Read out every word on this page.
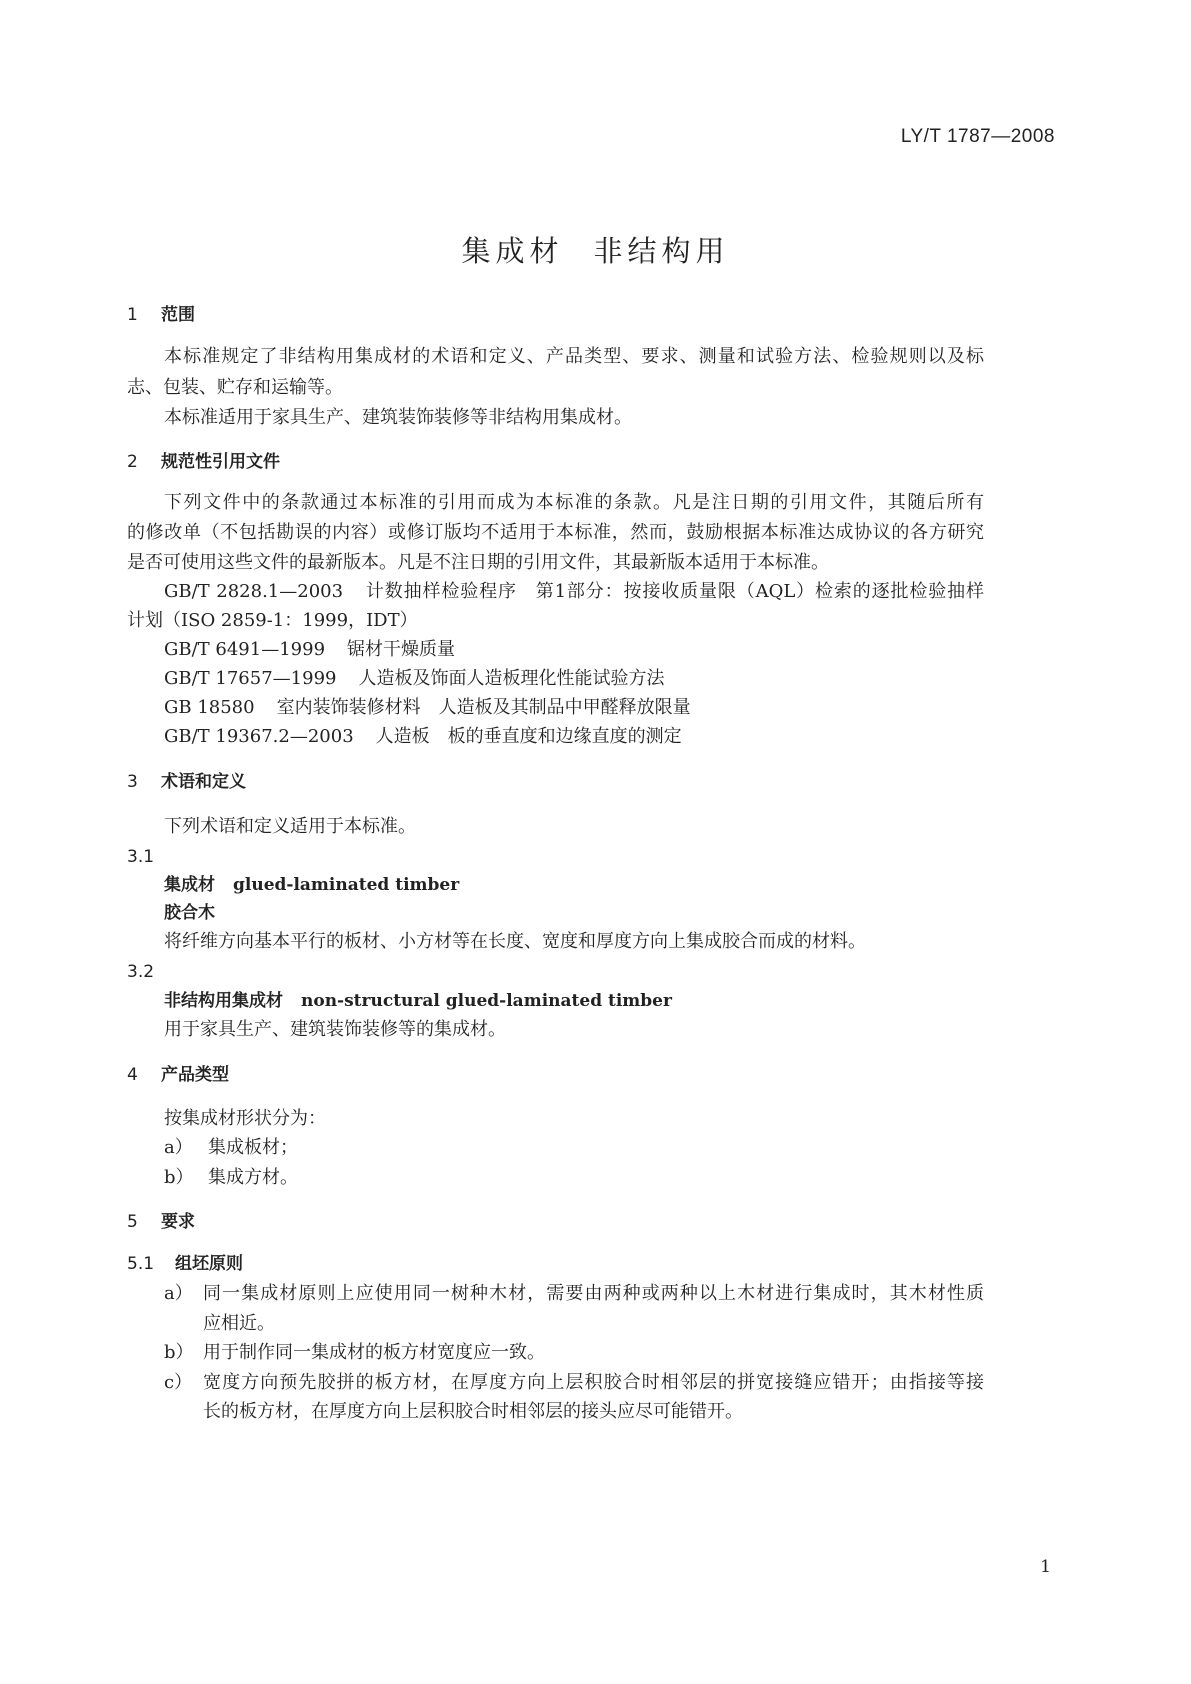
LY/T 1787—2008
集成材 非结构用
1 范围
本标准规定了非结构用集成材的术语和定义、产品类型、要求、测量和试验方法、检验规则以及标
志、包装、贮存和运输等。
本标准适用于家具生产、建筑装饰装修等非结构用集成材。
2 规范性引用文件
下列文件中的条款通过本标准的引用而成为本标准的条款。凡是注日期的引用文件，其随后所有
的修改单（不包括勘误的内容）或修订版均不适用于本标准，然而，鼓励根据本标准达成协议的各方研究
是否可使用这些文件的最新版本。凡是不注日期的引用文件，其最新版本适用于本标准。
GB/T 2828.1—2003 计数抽样检验程序　第1部分：按接收质量限（AQL）检索的逐批检验抽样
计划（ISO 2859-1：1999，IDT）
GB/T 6491—1999 锯材干燥质量
GB/T 17657—1999 人造板及饰面人造板理化性能试验方法
GB 18580 室内装饰装修材料　人造板及其制品中甲醛释放限量
GB/T 19367.2—2003 人造板　板的垂直度和边缘直度的测定
3 术语和定义
下列术语和定义适用于本标准。
3.1
集成材 glued-laminated timber
胶合木
将纤维方向基本平行的板材、小方材等在长度、宽度和厚度方向上集成胶合而成的材料。
3.2
非结构用集成材 non-structural glued-laminated timber
用于家具生产、建筑装饰装修等的集成材。
4 产品类型
按集成材形状分为：
a） 集成板材；
b） 集成方材。
5 要求
5.1 组坯原则
a） 同一集成材原则上应使用同一树种木材，需要由两种或两种以上木材进行集成时，其木材性质
应相近。
b） 用于制作同一集成材的板方材宽度应一致。
c） 宽度方向预先胶拼的板方材，在厚度方向上层积胶合时相邻层的拼宽接缝应错开；由指接等接
长的板方材，在厚度方向上层积胶合时相邻层的接头应尽可能错开。
1
